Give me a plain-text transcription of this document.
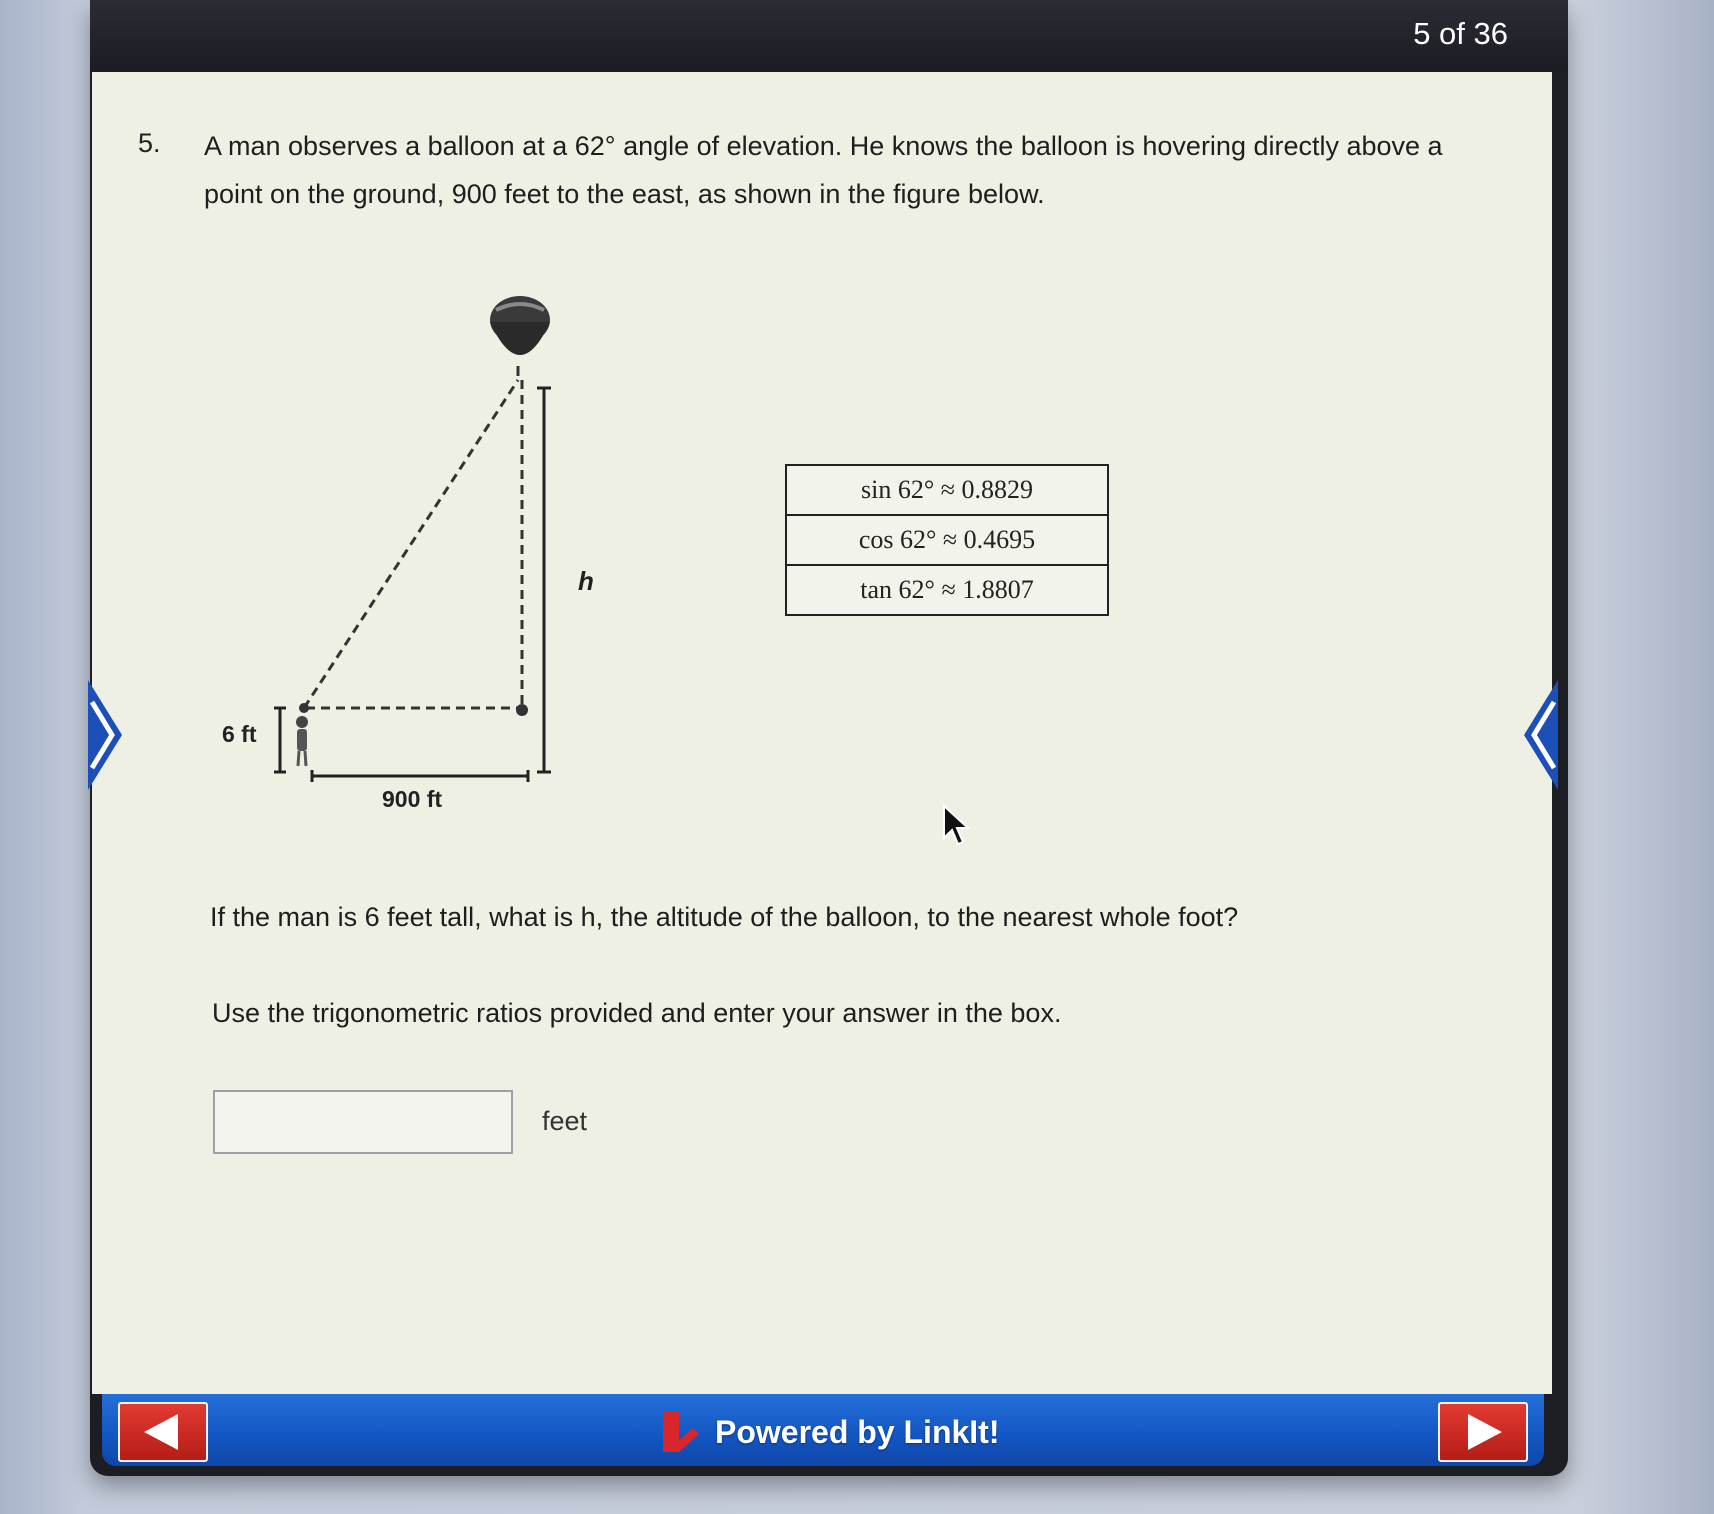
5 of 36
5. A man observes a balloon at a 62° angle of elevation. He knows the balloon is hovering directly above a point on the ground, 900 feet to the east, as shown in the figure below.
h
6 ft
900 ft
sin 62° ≈ 0.8829
cos 62° ≈ 0.4695
tan 62° ≈ 1.8807
If the man is 6 feet tall, what is h, the altitude of the balloon, to the nearest whole foot?
Use the trigonometric ratios provided and enter your answer in the box.
feet
Powered by LinkIt!
